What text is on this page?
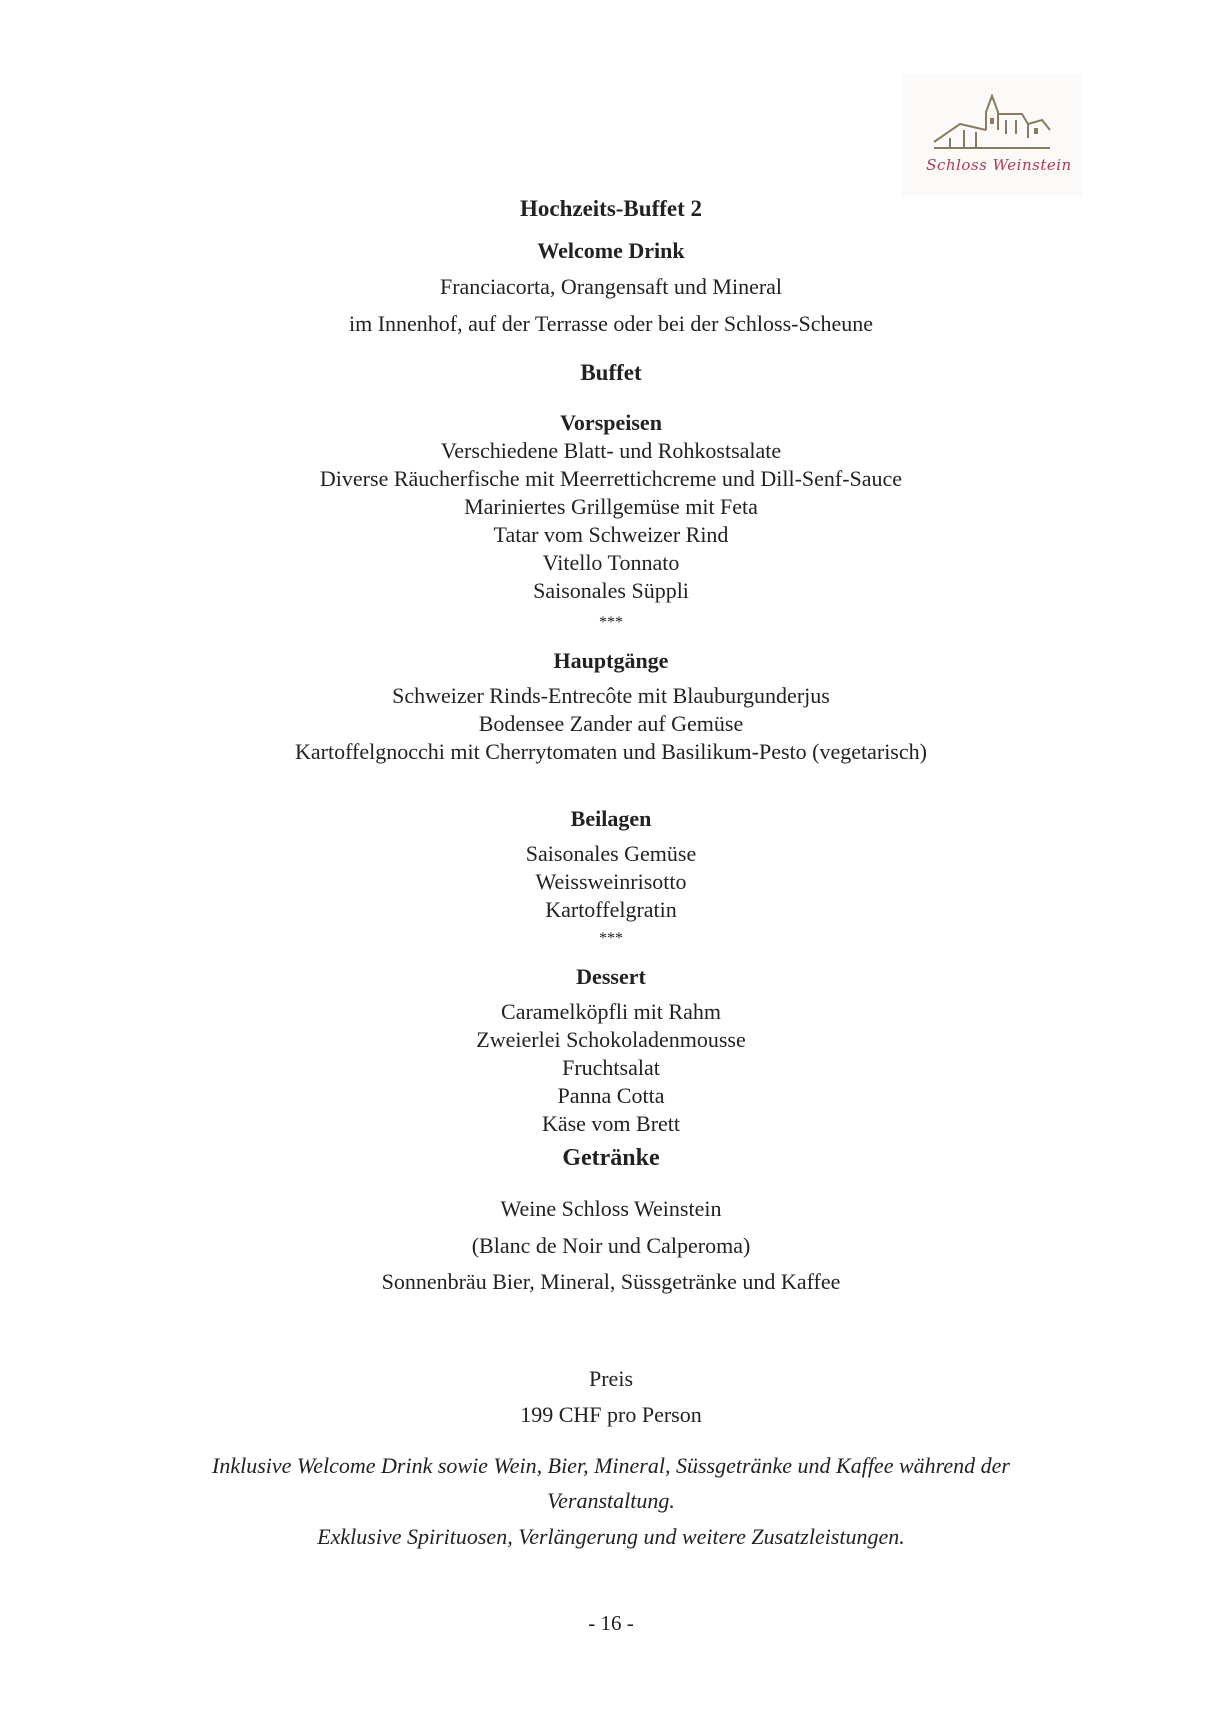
Schloss Weinstein
Hochzeits-Buffet 2
Welcome Drink
Franciacorta, Orangensaft und Mineral
im Innenhof, auf der Terrasse oder bei der Schloss-Scheune
Buffet
Vorspeisen
Verschiedene Blatt- und Rohkostsalate
Diverse Räucherfische mit Meerrettichcreme und Dill-Senf-Sauce
Mariniertes Grillgemüse mit Feta
Tatar vom Schweizer Rind
Vitello Tonnato
Saisonales Süppli
***
Hauptgänge
Schweizer Rinds-Entrecôte mit Blauburgunderjus
Bodensee Zander auf Gemüse
Kartoffelgnocchi mit Cherrytomaten und Basilikum-Pesto (vegetarisch)
Beilagen
Saisonales Gemüse
Weissweinrisotto
Kartoffelgratin
***
Dessert
Caramelköpfli mit Rahm
Zweierlei Schokoladenmousse
Fruchtsalat
Panna Cotta
Käse vom Brett
Getränke
Weine Schloss Weinstein
(Blanc de Noir und Calperoma)
Sonnenbräu Bier, Mineral, Süssgetränke und Kaffee
Preis
199 CHF pro Person
Inklusive Welcome Drink sowie Wein, Bier, Mineral, Süssgetränke und Kaffee während der
Veranstaltung.
Exklusive Spirituosen, Verlängerung und weitere Zusatzleistungen.
- 16 -
